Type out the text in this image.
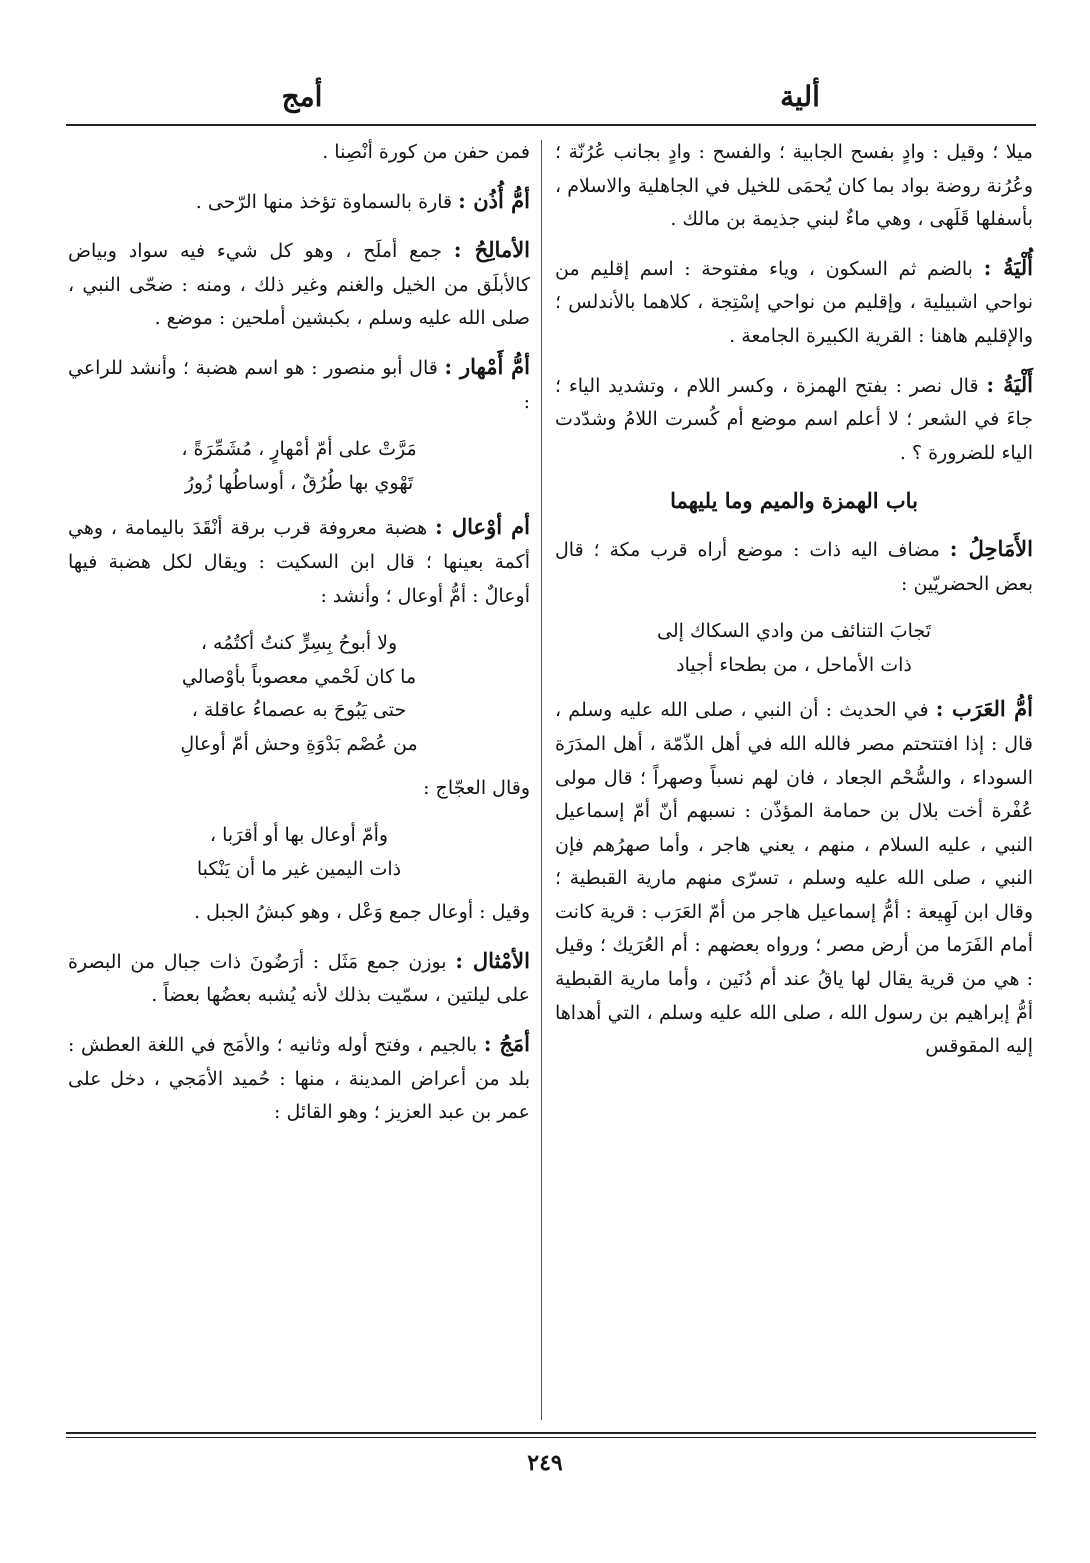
ألية
أمج
ميلا ؛ وقيل : وادٍ بفسح الجابية ؛ والفسح : وادٍ بجانب عُرُنّة ؛ وعُرُنة روضة بواد بما كان يُحمَى للخيل في الجاهلية والاسلام ، بأسفلها قَلَهى ، وهي ماءٌ لبني جذيمة بن مالك .
أُلْيَةُ : بالضم ثم السكون ، وياء مفتوحة : اسم إقليم من نواحي اشبيلية ، وإقليم من نواحي إسْتِجة ، كلاهما بالأندلس ؛ والإقليم هاهنا : القرية الكبيرة الجامعة .
أَلْيَةُ : قال نصر : بفتح الهمزة ، وكسر اللام ، وتشديد الياء ؛ جاءَ في الشعر ؛ لا أعلم اسم موضع أم كُسرت اللامُ وشدّدت الياء للضرورة ؟ .
باب الهمزة والميم وما يليهما
الأَمَاحِلُ : مضاف اليه ذات : موضع أراه قرب مكة ؛ قال بعض الحضريّين :

تَجابَ التنائف من وادي السكاك إلى

ذات الأماحل ، من بطحاء أجياد

أمُّ العَرَب : في الحديث : أن النبي ، صلى الله عليه وسلم ، قال : إذا افتتحتم مصر فالله الله في أهل الذّمّة ، أهل المدَرَة السوداء ، والسُّحْم الجعاد ، فان لهم نسباً وصهراً ؛ قال مولى عُفْرة أخت بلال بن حمامة المؤذّن : نسبهم أنّ أمّ إسماعيل النبي ، عليه السلام ، منهم ، يعني هاجر ، وأما صهرُهم فإن النبي ، صلى الله عليه وسلم ، تسرّى منهم مارية القبطية ؛ وقال ابن لَهِيعة : أمُّ إسماعيل هاجر من أمّ العَرَب : قرية كانت أمام الفَرَما من أرض مصر ؛ ورواه بعضهم : أم العُرَيك ؛ وقيل : هي من قرية يقال لها ياقُ عند أم دُنَين ، وأما مارية القبطية أمُّ إبراهيم بن رسول الله ، صلى الله عليه وسلم ، التي أهداها إليه المقوقس
فمن حفن من كورة أنْصِنا .
أمُّ أُذُن : قارة بالسماوة تؤخذ منها الرّحى .
الأمالِحُ : جمع أملَح ، وهو كل شيء فيه سواد وبياض كالأبلَق من الخيل والغنم وغير ذلك ، ومنه : ضحّى النبي ، صلى الله عليه وسلم ، بكبشين أملحين : موضع .
أمُّ أَمْهار : قال أبو منصور : هو اسم هضبة ؛ وأنشد للراعي :

مَرَّتْ على أمّ أمْهارٍ ، مُشَمِّرَةً ،

تَهْوي بها طُرُقٌ ، أوساطُها زُورُ

أم أوْعال : هضبة معروفة قرب برقة أنْقَدَ باليمامة ، وهي أكمة بعينها ؛ قال ابن السكيت : ويقال لكل هضبة فيها أوعالٌ : أمُّ أوعال ؛ وأنشد :

ولا أبوحُ بِسِرٍّ كنتُ أكتُمُه ،

ما كان لَحْمي معصوباً بأوْصالي

حتى يَبُوحَ به عصماءُ عاقلة ،

من عُصْم بَدْوَةِ وحش أمّ أوعالِ

وقال العجّاج :

وأمّ أوعال بها أو أقرَبا ،

ذات اليمين غير ما أن يَنْكبا

وقيل : أوعال جمع وَعْل ، وهو كبشُ الجبل .
الأمْثال : بوزن جمع مَثَل : أرَضُونَ ذات جبال من البصرة على ليلتين ، سمّيت بذلك لأنه يُشبه بعضُها بعضاً .
أمَجُ : بالجيم ، وفتح أوله وثانيه ؛ والأمَج في اللغة العطش : بلد من أعراض المدينة ، منها : حُميد الأمَجي ، دخل على عمر بن عبد العزيز ؛ وهو القائل :
٢٤٩
